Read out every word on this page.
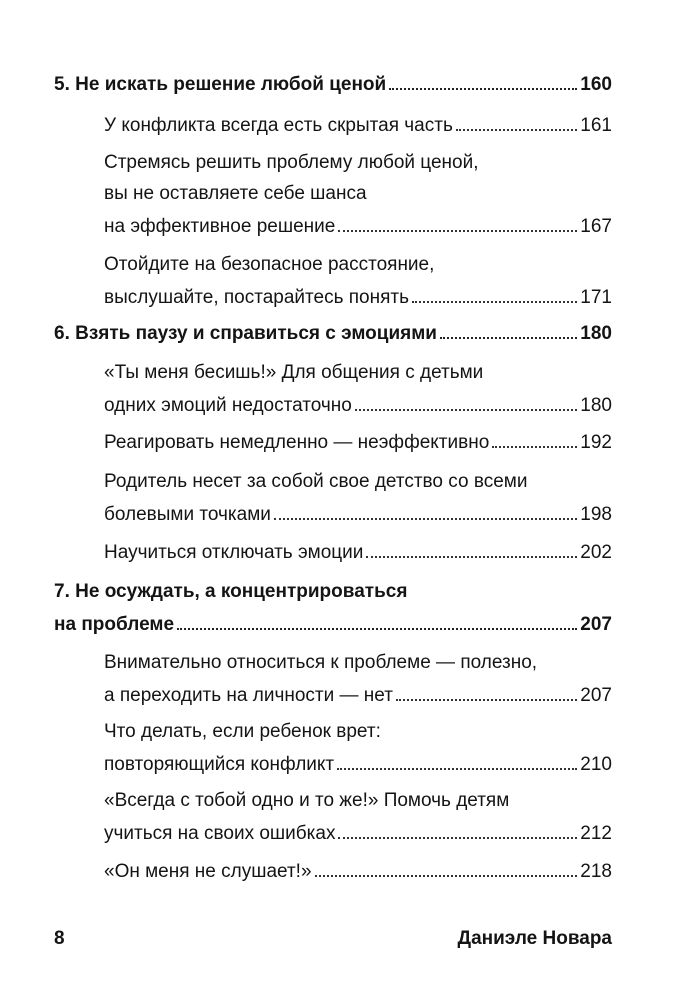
5. Не искать решение любой ценой	160
У конфликта всегда есть скрытая часть	161
Стремясь решить проблему любой ценой,
вы не оставляете себе шанса
на эффективное решение	167
Отойдите на безопасное расстояние,
выслушайте, постарайтесь понять	171
6. Взять паузу и справиться с эмоциями	180
«Ты меня бесишь!» Для общения с детьми
одних эмоций недостаточно	180
Реагировать немедленно — неэффективно	192
Родитель несет за собой свое детство со всеми
болевыми точками	198
Научиться отключать эмоции	202
7. Не осуждать, а концентрироваться
на проблеме	207
Внимательно относиться к проблеме — полезно,
а переходить на личности — нет	207
Что делать, если ребенок врет:
повторяющийся конфликт	210
«Всегда с тобой одно и то же!» Помочь детям
учиться на своих ошибках	212
«Он меня не слушает!»	218
8	Даниэле Новара
